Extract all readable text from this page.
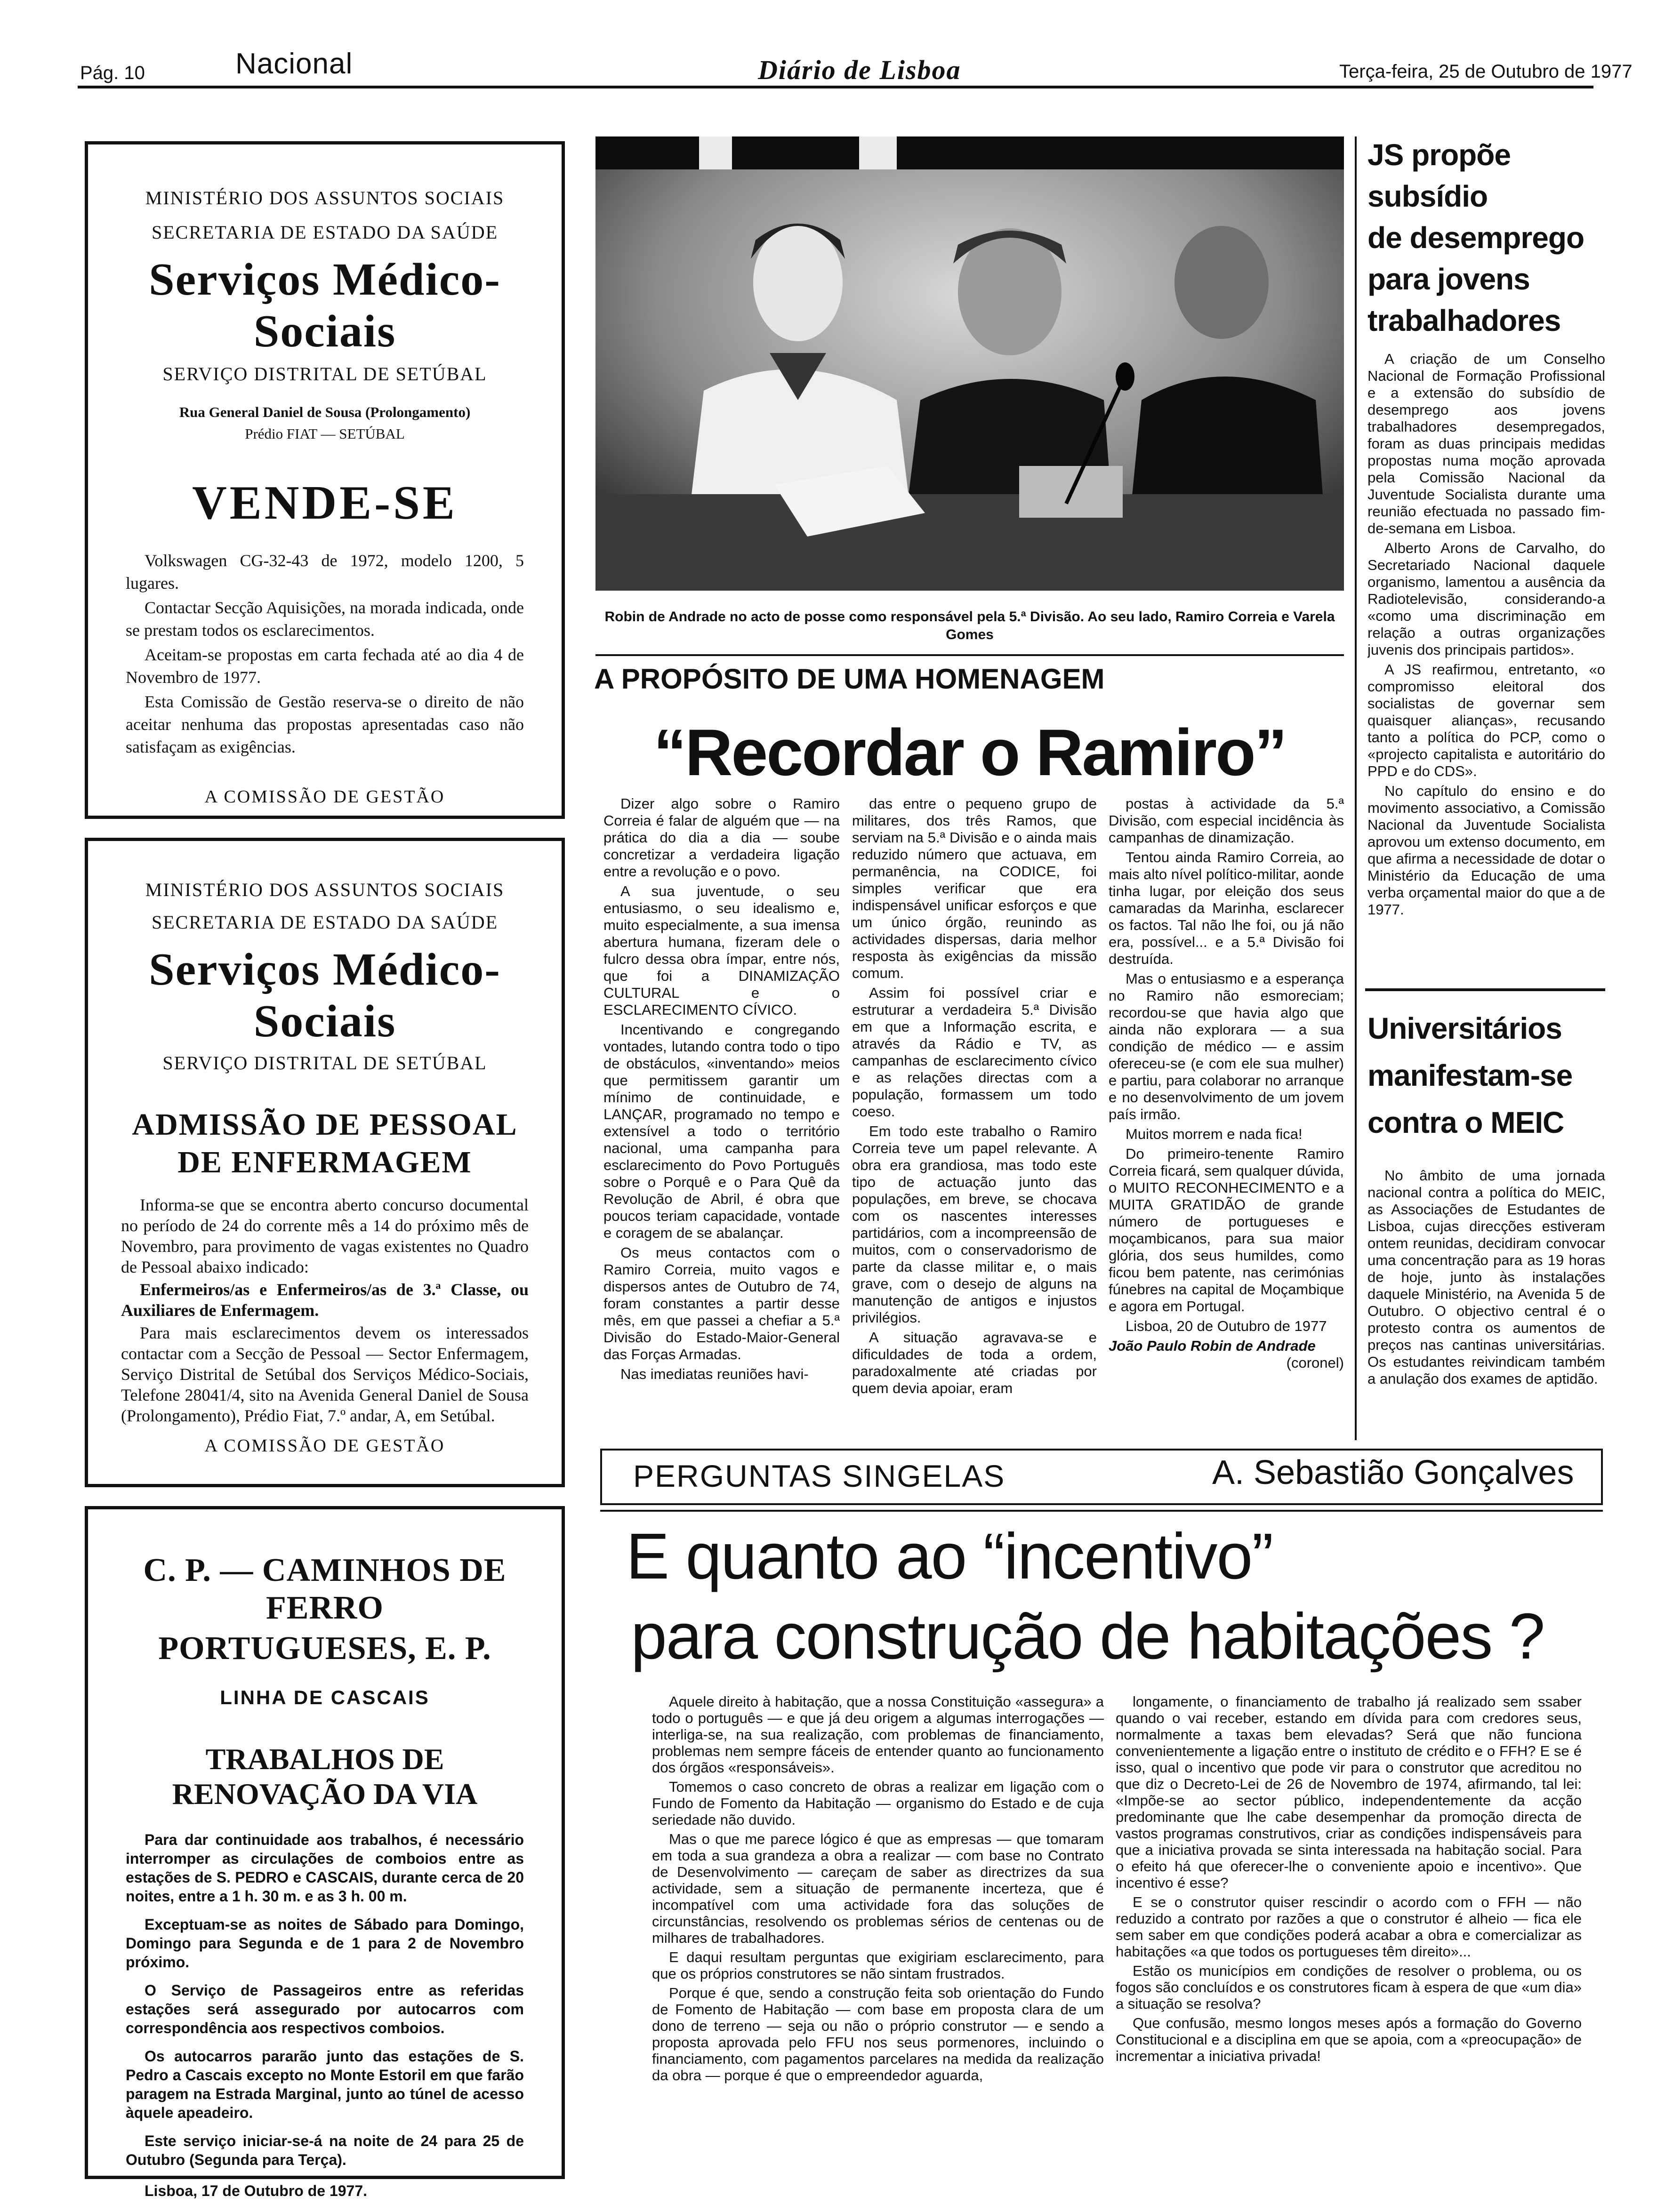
Pág. 10	Nacional	Diário de Lisboa	Terça-feira, 25 de Outubro de 1977
MINISTÉRIO DOS ASSUNTOS SOCIAIS
SECRETARIA DE ESTADO DA SAÚDE
Serviços Médico-Sociais
SERVIÇO DISTRITAL DE SETÚBAL
Rua General Daniel de Sousa (Prolongamento)
Prédio FIAT — SETÚBAL
VENDE-SE

Volkswagen CG-32-43 de 1972, modelo 1200, 5 lugares.

Contactar Secção Aquisições, na morada indicada, onde se prestam todos os esclarecimentos.

Aceitam-se propostas em carta fechada até ao dia 4 de Novembro de 1977.

Esta Comissão de Gestão reserva-se o direito de não aceitar nenhuma das propostas apresentadas caso não satisfaçam as exigências.

A COMISSÃO DE GESTÃO
MINISTÉRIO DOS ASSUNTOS SOCIAIS
SECRETARIA DE ESTADO DA SAÚDE
Serviços Médico-Sociais
SERVIÇO DISTRITAL DE SETÚBAL
ADMISSÃO DE PESSOAL
DE ENFERMAGEM

Informa-se que se encontra aberto concurso documental no período de 24 do corrente mês a 14 do próximo mês de Novembro, para provimento de vagas existentes no Quadro de Pessoal abaixo indicado:

Enfermeiros/as e Enfermeiros/as de 3.ª Classe, ou Auxiliares de Enfermagem.

Para mais esclarecimentos devem os interessados contactar com a Secção de Pessoal — Sector Enfermagem, Serviço Distrital de Setúbal dos Serviços Médico-Sociais, Telefone 28041/4, sito na Avenida General Daniel de Sousa (Prolongamento), Prédio Fiat, 7.º andar, A, em Setúbal.

A COMISSÃO DE GESTÃO
C. P. — CAMINHOS DE FERRO
PORTUGUESES, E. P.
LINHA DE CASCAIS
TRABALHOS DE RENOVAÇÃO DA VIA

Para dar continuidade aos trabalhos, é necessário interromper as circulações de comboios entre as estações de S. PEDRO e CASCAIS, durante cerca de 20 noites, entre a 1 h. 30 m. e as 3 h. 00 m.

Exceptuam-se as noites de Sábado para Domingo, Domingo para Segunda e de 1 para 2 de Novembro próximo.

O Serviço de Passageiros entre as referidas estações será assegurado por autocarros com correspondência aos respectivos comboios.

Os autocarros pararão junto das estações de S. Pedro a Cascais excepto no Monte Estoril em que farão paragem na Estrada Marginal, junto ao túnel de acesso àquele apeadeiro.

Este serviço iniciar-se-á na noite de 24 para 25 de Outubro (Segunda para Terça).

Lisboa, 17 de Outubro de 1977.

Robin de Andrade no acto de posse como responsável pela 5.ª Divisão. Ao seu lado, Ramiro Correia e Varela Gomes
A PROPÓSITO DE UMA HOMENAGEM
“Recordar o Ramiro”

Dizer algo sobre o Ramiro Correia é falar de alguém que — na prática do dia a dia — soube concretizar a verdadeira ligação entre a revolução e o povo.

A sua juventude, o seu entusiasmo, o seu idealismo e, muito especialmente, a sua imensa abertura humana, fizeram dele o fulcro dessa obra ímpar, entre nós, que foi a DINAMIZAÇÃO CULTURAL e o ESCLARECIMENTO CÍVICO.

Incentivando e congregando vontades, lutando contra todo o tipo de obstáculos, «inventando» meios que permitissem garantir um mínimo de continuidade, e LANÇAR, programado no tempo e extensível a todo o território nacional, uma campanha para esclarecimento do Povo Português sobre o Porquê e o Para Quê da Revolução de Abril, é obra que poucos teriam capacidade, vontade e coragem de se abalançar.

Os meus contactos com o Ramiro Correia, muito vagos e dispersos antes de Outubro de 74, foram constantes a partir desse mês, em que passei a chefiar a 5.ª Divisão do Estado-Maior-General das Forças Armadas.

Nas imediatas reuniões havi-

das entre o pequeno grupo de militares, dos três Ramos, que serviam na 5.ª Divisão e o ainda mais reduzido número que actuava, em permanência, na CODICE, foi simples verificar que era indispensável unificar esforços e que um único órgão, reunindo as actividades dispersas, daria melhor resposta às exigências da missão comum.

Assim foi possível criar e estruturar a verdadeira 5.ª Divisão em que a Informação escrita, e através da Rádio e TV, as campanhas de esclarecimento cívico e as relações directas com a população, formassem um todo coeso.

Em todo este trabalho o Ramiro Correia teve um papel relevante. A obra era grandiosa, mas todo este tipo de actuação junto das populações, em breve, se chocava com os nascentes interesses partidários, com a incompreensão de muitos, com o conservadorismo de parte da classe militar e, o mais grave, com o desejo de alguns na manutenção de antigos e injustos privilégios.

A situação agravava-se e dificuldades de toda a ordem, paradoxalmente até criadas por quem devia apoiar, eram

postas à actividade da 5.ª Divisão, com especial incidência às campanhas de dinamização.

Tentou ainda Ramiro Correia, ao mais alto nível político-militar, aonde tinha lugar, por eleição dos seus camaradas da Marinha, esclarecer os factos. Tal não lhe foi, ou já não era, possível... e a 5.ª Divisão foi destruída.

Mas o entusiasmo e a esperança no Ramiro não esmoreciam; recordou-se que havia algo que ainda não explorara — a sua condição de médico — e assim ofereceu-se (e com ele sua mulher) e partiu, para colaborar no arranque e no desenvolvimento de um jovem país irmão.

Muitos morrem e nada fica!

Do primeiro-tenente Ramiro Correia ficará, sem qualquer dúvida, o MUITO RECONHECIMENTO e a MUITA GRATIDÃO de grande número de portugueses e moçambicanos, para sua maior glória, dos seus humildes, como ficou bem patente, nas cerimónias fúnebres na capital de Moçambique e agora em Portugal.

Lisboa, 20 de Outubro de 1977

João Paulo Robin de Andrade
(coronel)
JS propõe
subsídio
de desemprego
para jovens
trabalhadores

A criação de um Conselho Nacional de Formação Profissional e a extensão do subsídio de desemprego aos jovens trabalhadores desempregados, foram as duas principais medidas propostas numa moção aprovada pela Comissão Nacional da Juventude Socialista durante uma reunião efectuada no passado fim-de-semana em Lisboa.

Alberto Arons de Carvalho, do Secretariado Nacional daquele organismo, lamentou a ausência da Radiotelevisão, considerando-a «como uma discriminação em relação a outras organizações juvenis dos principais partidos».

A JS reafirmou, entretanto, «o compromisso eleitoral dos socialistas de governar sem quaisquer alianças», recusando tanto a política do PCP, como o «projecto capitalista e autoritário do PPD e do CDS».

No capítulo do ensino e do movimento associativo, a Comissão Nacional da Juventude Socialista aprovou um extenso documento, em que afirma a necessidade de dotar o Ministério da Educação de uma verba orçamental maior do que a de 1977.

Universitários
manifestam-se
contra o MEIC

No âmbito de uma jornada nacional contra a política do MEIC, as Associações de Estudantes de Lisboa, cujas direcções estiveram ontem reunidas, decidiram convocar uma concentração para as 19 horas de hoje, junto às instalações daquele Ministério, na Avenida 5 de Outubro. O objectivo central é o protesto contra os aumentos de preços nas cantinas universitárias. Os estudantes reivindicam também a anulação dos exames de aptidão.

PERGUNTAS SINGELAS	A. Sebastião Gonçalves
E quanto ao “incentivo”
para construção de habitações ?

Aquele direito à habitação, que a nossa Constituição «assegura» a todo o português — e que já deu origem a algumas interrogações — interliga-se, na sua realização, com problemas de financiamento, problemas nem sempre fáceis de entender quanto ao funcionamento dos órgãos «responsáveis».

Tomemos o caso concreto de obras a realizar em ligação com o Fundo de Fomento da Habitação — organismo do Estado e de cuja seriedade não duvido.

Mas o que me parece lógico é que as empresas — que tomaram em toda a sua grandeza a obra a realizar — com base no Contrato de Desenvolvimento — careçam de saber as directrizes da sua actividade, sem a situação de permanente incerteza, que é incompatível com uma actividade fora das soluções de circunstâncias, resolvendo os problemas sérios de centenas ou de milhares de trabalhadores.

E daqui resultam perguntas que exigiriam esclarecimento, para que os próprios construtores se não sintam frustrados.

Porque é que, sendo a construção feita sob orientação do Fundo de Fomento de Habitação — com base em proposta clara de um dono de terreno — seja ou não o próprio construtor — e sendo a proposta aprovada pelo FFU nos seus pormenores, incluindo o financiamento, com pagamentos parcelares na medida da realização da obra — porque é que o empreendedor aguarda,

longamente, o financiamento de trabalho já realizado sem ssaber quando o vai receber, estando em dívida para com credores seus, normalmente a taxas bem elevadas? Será que não funciona convenientemente a ligação entre o instituto de crédito e o FFH? E se é isso, qual o incentivo que pode vir para o construtor que acreditou no que diz o Decreto-Lei de 26 de Novembro de 1974, afirmando, tal lei: «Impõe-se ao sector público, independentemente da acção predominante que lhe cabe desempenhar da promoção directa de vastos programas construtivos, criar as condições indispensáveis para que a iniciativa provada se sinta interessada na habitação social. Para o efeito há que oferecer-lhe o conveniente apoio e incentivo». Que incentivo é esse?

E se o construtor quiser rescindir o acordo com o FFH — não reduzido a contrato por razões a que o construtor é alheio — fica ele sem saber em que condições poderá acabar a obra e comercializar as habitações «a que todos os portugueses têm direito»...

Estão os municípios em condições de resolver o problema, ou os fogos são concluídos e os construtores ficam à espera de que «um dia» a situação se resolva?

Que confusão, mesmo longos meses após a formação do Governo Constitucional e a disciplina em que se apoia, com a «preocupação» de incrementar a iniciativa privada!
